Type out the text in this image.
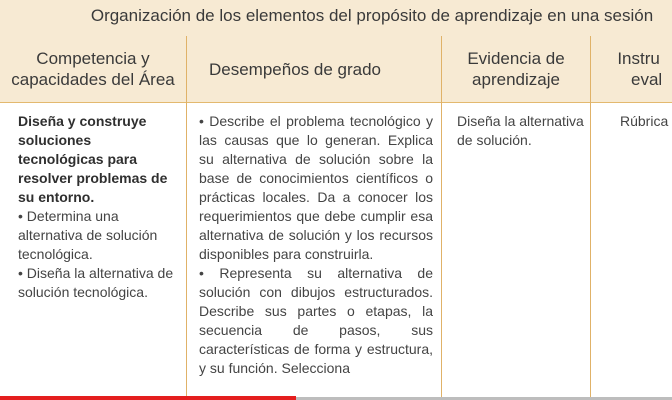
Organización de los elementos del propósito de aprendizaje en una sesión
Competencia y
capacidades del Área
Desempeños de grado
Evidencia de
aprendizaje
Instru
eval

Diseña y construye soluciones tecnológicas para resolver problemas de su entorno.

• Determina una alternativa de solución tecnológica.

• Diseña la alternativa de solución tecnológica.

• Describe el problema tecnológico y las causas que lo generan. Explica su alternativa de solución sobre la base de conocimientos científicos o prácticas locales. Da a conocer los requerimientos que debe cumplir esa alternativa de solución y los recursos disponibles para construirla.

• Representa su alternativa de solución con dibujos estructurados. Describe sus partes o etapas, la secuencia de pasos, sus características de forma y estructura, y su función. Selecciona

Diseña la alternativa de solución.

Rúbrica
